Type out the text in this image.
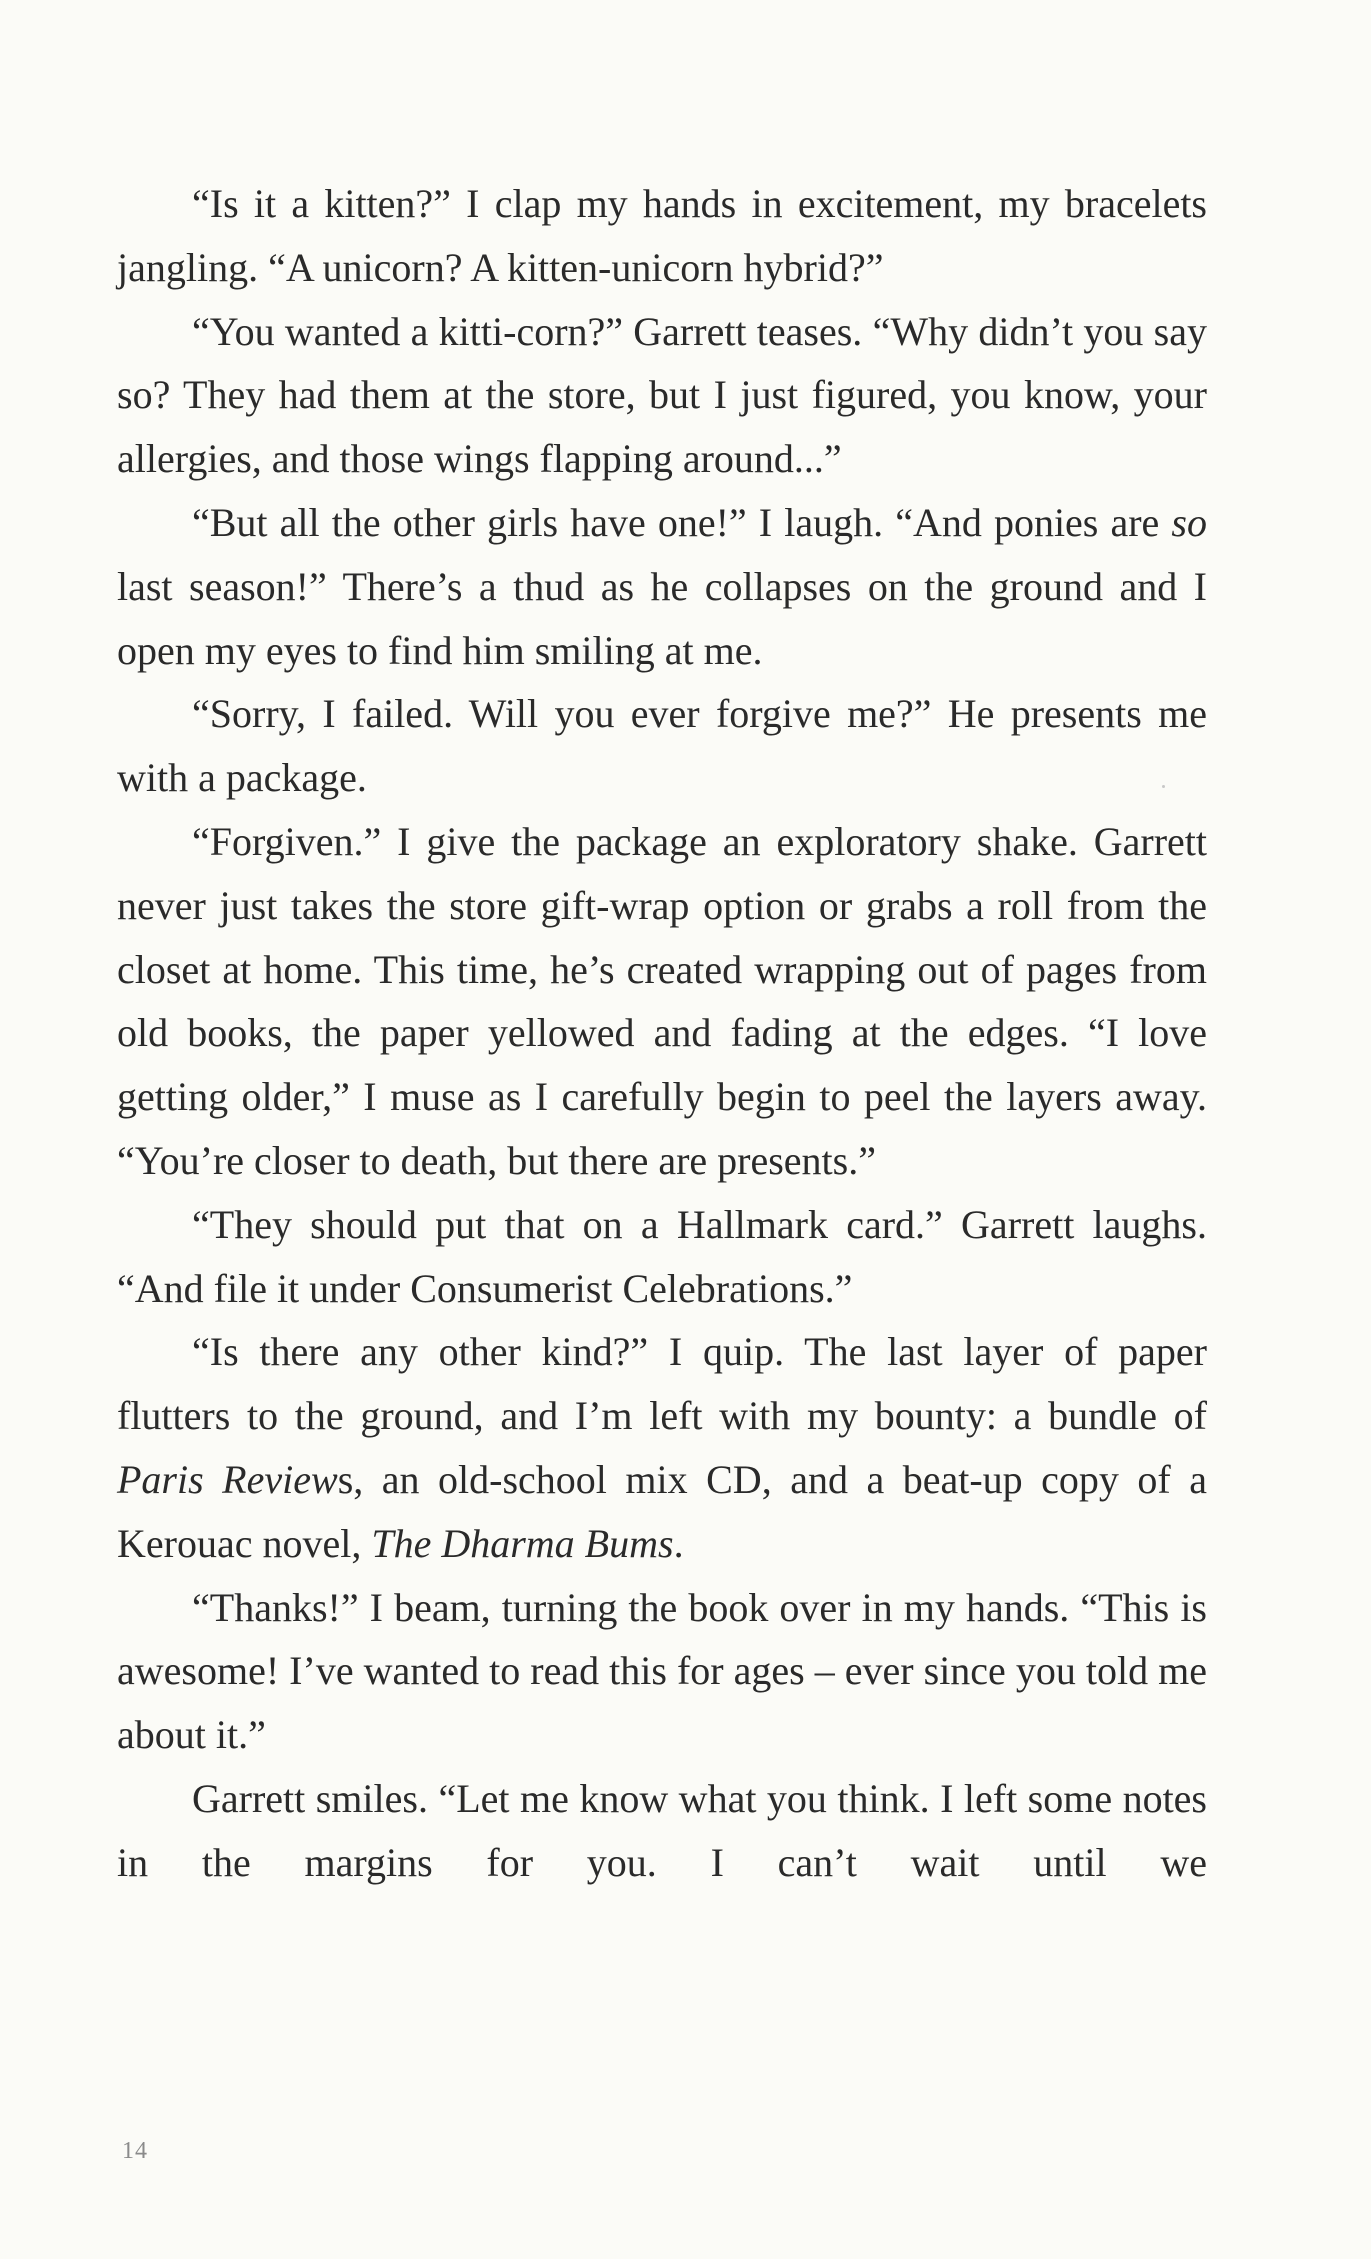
“Is it a kitten?” I clap my hands in excitement, my bracelets jangling. “A unicorn? A kitten-unicorn hybrid?”

“You wanted a kitti-corn?” Garrett teases. “Why didn’t you say so? They had them at the store, but I just figured, you know, your allergies, and those wings flapping around...”

“But all the other girls have one!” I laugh. “And ponies are so last season!” There’s a thud as he collapses on the ground and I open my eyes to find him smiling at me.

“Sorry, I failed. Will you ever forgive me?” He presents me with a package.

“Forgiven.” I give the package an exploratory shake. Garrett never just takes the store gift-wrap option or grabs a roll from the closet at home. This time, he’s created wrapping out of pages from old books, the paper yellowed and fading at the edges. “I love getting older,” I muse as I carefully begin to peel the layers away. “You’re closer to death, but there are presents.”

“They should put that on a Hallmark card.” Garrett laughs. “And file it under Consumerist Celebrations.”

“Is there any other kind?” I quip. The last layer of paper flutters to the ground, and I’m left with my bounty: a bundle of Paris Reviews, an old-school mix CD, and a beat-up copy of a Kerouac novel, The Dharma Bums.

“Thanks!” I beam, turning the book over in my hands. “This is awesome! I’ve wanted to read this for ages – ever since you told me about it.”

Garrett smiles. “Let me know what you think. I left some notes in the margins for you. I can’t wait until we

14
